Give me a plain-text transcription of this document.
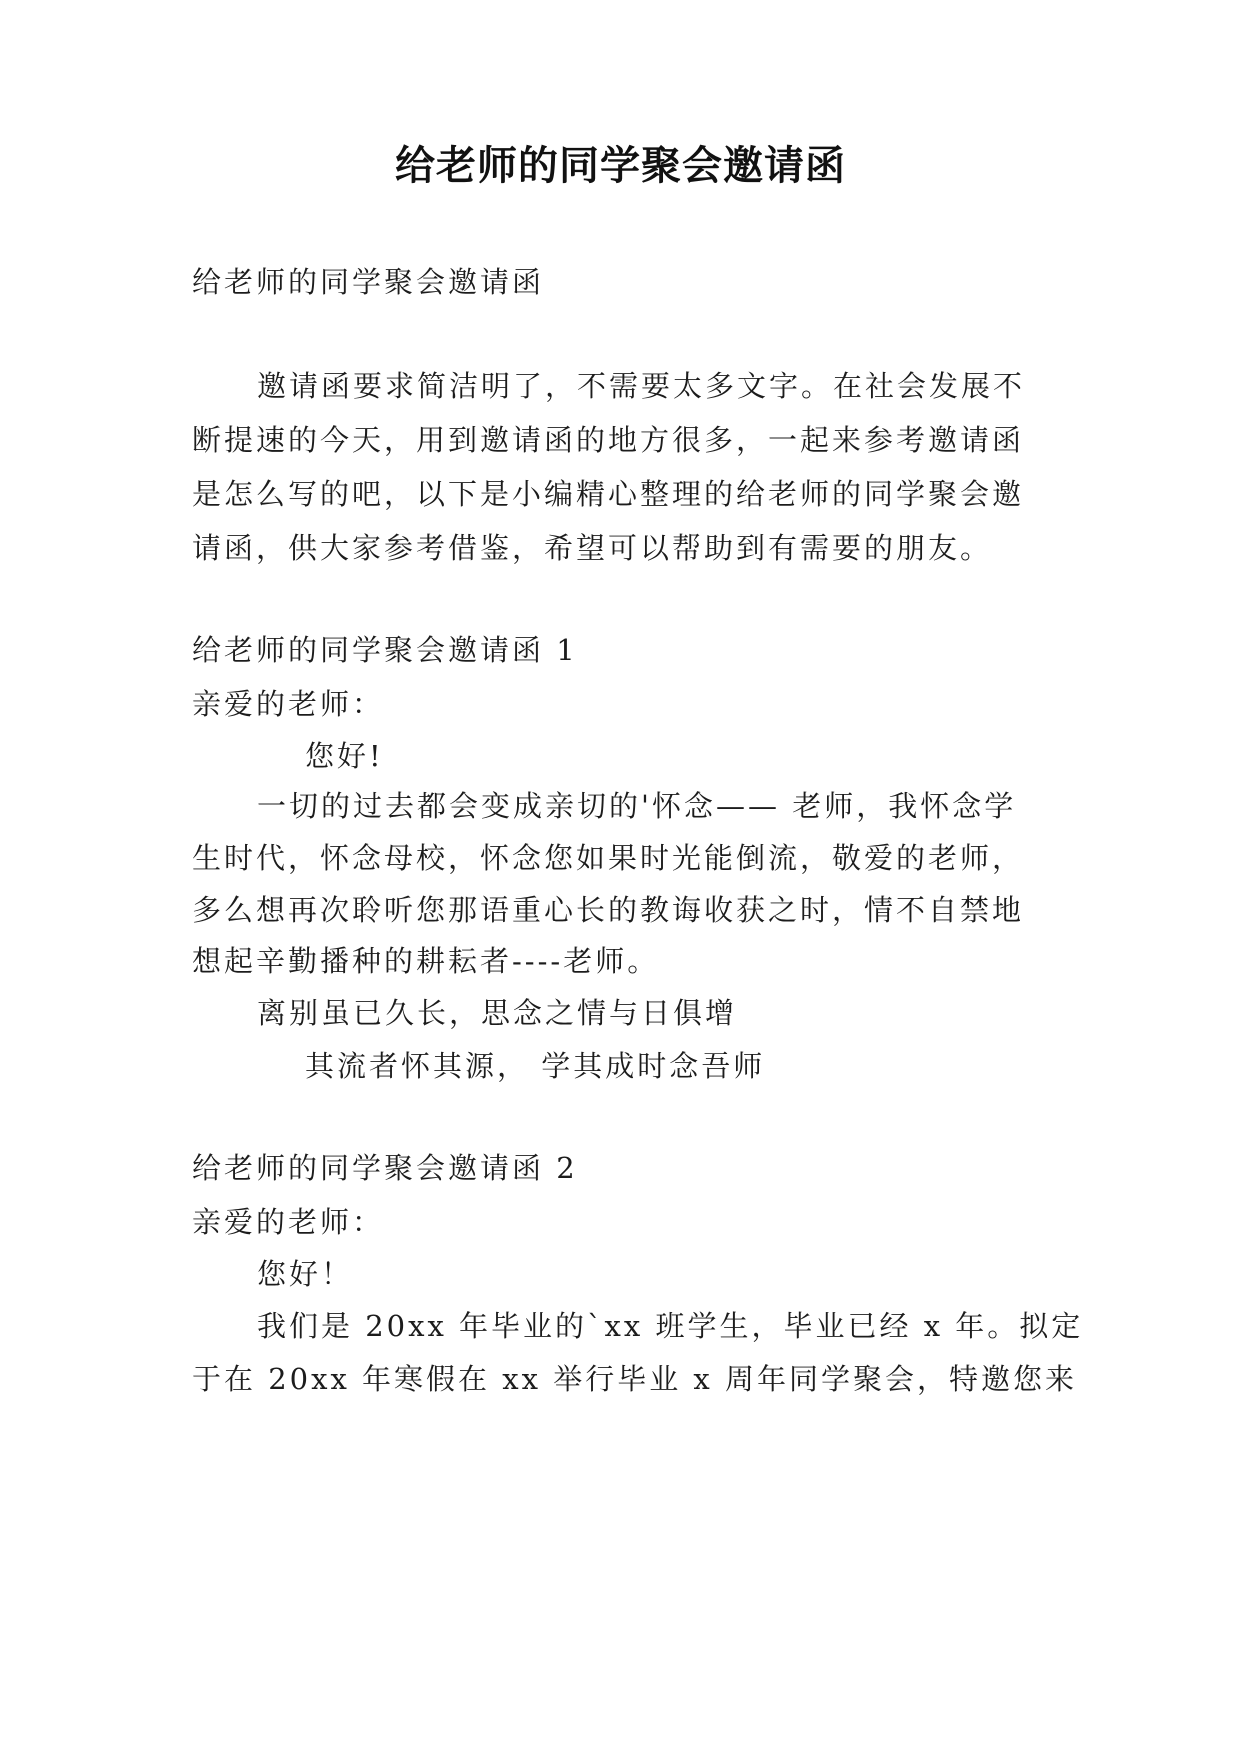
给老师的同学聚会邀请函
给老师的同学聚会邀请函
邀请函要求简洁明了，不需要太多文字。在社会发展不
断提速的今天，用到邀请函的地方很多，一起来参考邀请函
是怎么写的吧，以下是小编精心整理的给老师的同学聚会邀
请函，供大家参考借鉴，希望可以帮助到有需要的朋友。
给老师的同学聚会邀请函 1
亲爱的老师：
您好!
一切的过去都会变成亲切的'怀念—— 老师，我怀念学
生时代，怀念母校，怀念您如果时光能倒流，敬爱的老师，
多么想再次聆听您那语重心长的教诲收获之时，情不自禁地
想起辛勤播种的耕耘者----老师。
离别虽已久长，思念之情与日俱增
其流者怀其源， 学其成时念吾师
给老师的同学聚会邀请函 2
亲爱的老师：
您好！
我们是 20xx 年毕业的`xx 班学生，毕业已经 x 年。拟定
于在 20xx 年寒假在 xx 举行毕业 x 周年同学聚会，特邀您来
